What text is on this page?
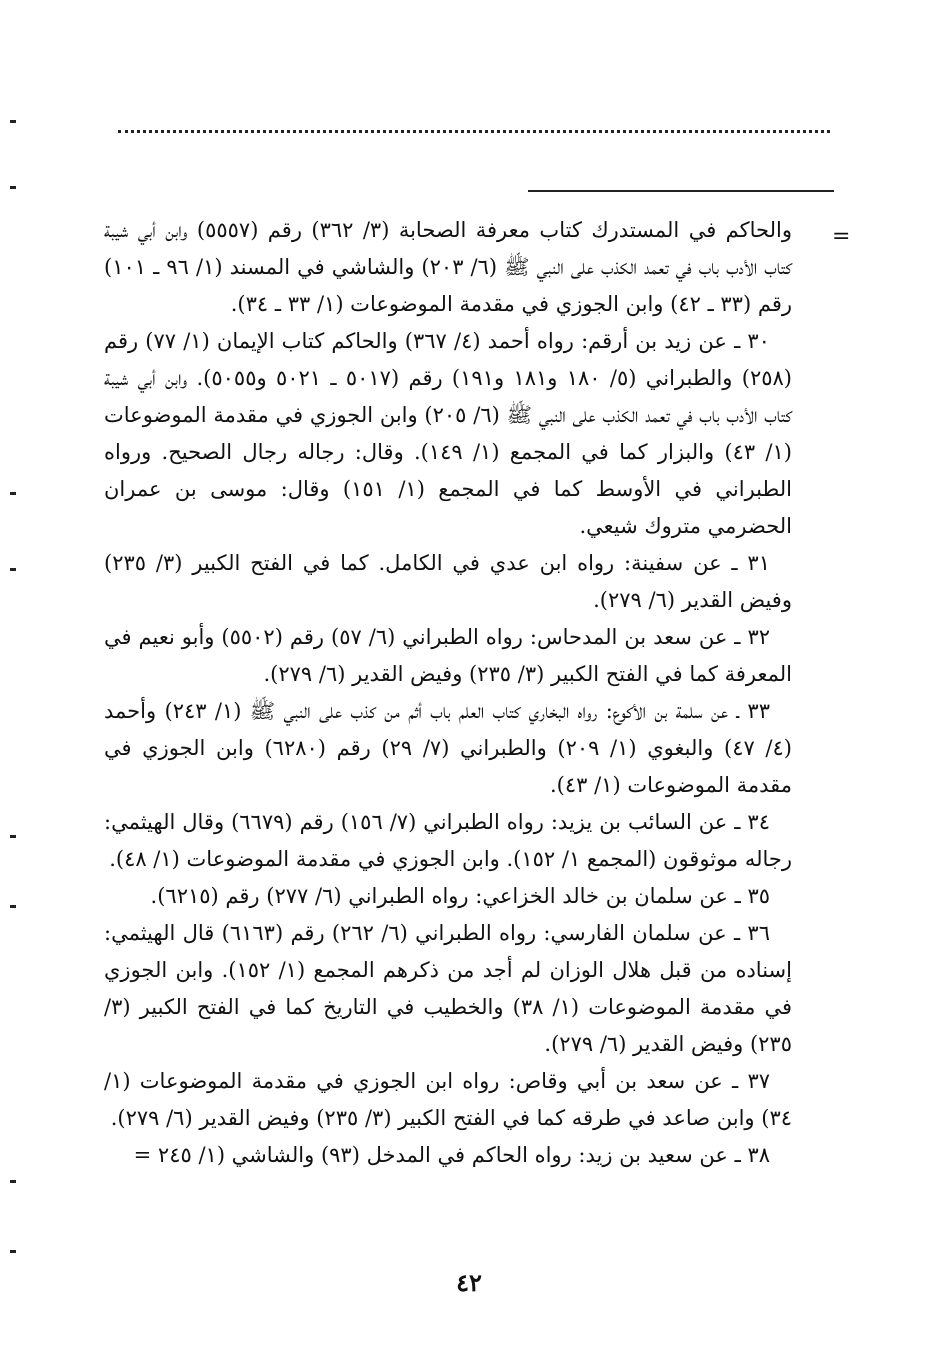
=

والحاكم في المستدرك كتاب معرفة الصحابة (٣/ ٣٦٢) رقم (٥٥٥٧) وابن أبي شيبة كتاب الأدب باب في تعمد الكذب على النبي ﷺ (٦/ ٢٠٣) والشاشي في المسند (١/ ٩٦ ـ ١٠١) رقم (٣٣ ـ ٤٢) وابن الجوزي في مقدمة الموضوعات (١/ ٣٣ ـ ٣٤).

٣٠ ـ عن زيد بن أرقم: رواه أحمد (٤/ ٣٦٧) والحاكم كتاب الإيمان (١/ ٧٧) رقم (٢٥٨) والطبراني (٥/ ١٨٠ و١٨١ و١٩١) رقم (٥٠١٧ ـ ٥٠٢١ و٥٠٥٥). وابن أبي شيبة كتاب الأدب باب في تعمد الكذب على النبي ﷺ (٦/ ٢٠٥) وابن الجوزي في مقدمة الموضوعات (١/ ٤٣) والبزار كما في المجمع (١/ ١٤٩). وقال: رجاله رجال الصحيح. ورواه الطبراني في الأوسط كما في المجمع (١/ ١٥١) وقال: موسى بن عمران الحضرمي متروك شيعي.

٣١ ـ عن سفينة: رواه ابن عدي في الكامل. كما في الفتح الكبير (٣/ ٢٣٥) وفيض القدير (٦/ ٢٧٩).

٣٢ ـ عن سعد بن المدحاس: رواه الطبراني (٦/ ٥٧) رقم (٥٥٠٢) وأبو نعيم في المعرفة كما في الفتح الكبير (٣/ ٢٣٥) وفيض القدير (٦/ ٢٧٩).

٣٣ ـ عن سلمة بن الأكوع: رواه البخاري كتاب العلم باب أثم من كذب على النبي ﷺ (١/ ٢٤٣) وأحمد (٤/ ٤٧) والبغوي (١/ ٢٠٩) والطبراني (٧/ ٢٩) رقم (٦٢٨٠) وابن الجوزي في مقدمة الموضوعات (١/ ٤٣).

٣٤ ـ عن السائب بن يزيد: رواه الطبراني (٧/ ١٥٦) رقم (٦٦٧٩) وقال الهيثمي: رجاله موثوقون (المجمع ١/ ١٥٢). وابن الجوزي في مقدمة الموضوعات (١/ ٤٨).

٣٥ ـ عن سلمان بن خالد الخزاعي: رواه الطبراني (٦/ ٢٧٧) رقم (٦٢١٥).

٣٦ ـ عن سلمان الفارسي: رواه الطبراني (٦/ ٢٦٢) رقم (٦١٦٣) قال الهيثمي: إسناده من قبل هلال الوزان لم أجد من ذكرهم المجمع (١/ ١٥٢). وابن الجوزي في مقدمة الموضوعات (١/ ٣٨) والخطيب في التاريخ كما في الفتح الكبير (٣/ ٢٣٥) وفيض القدير (٦/ ٢٧٩).

٣٧ ـ عن سعد بن أبي وقاص: رواه ابن الجوزي في مقدمة الموضوعات (١/ ٣٤) وابن صاعد في طرقه كما في الفتح الكبير (٣/ ٢٣٥) وفيض القدير (٦/ ٢٧٩).

٣٨ ـ عن سعيد بن زيد: رواه الحاكم في المدخل (٩٣) والشاشي (١/ ٢٤٥ =

٤٢
